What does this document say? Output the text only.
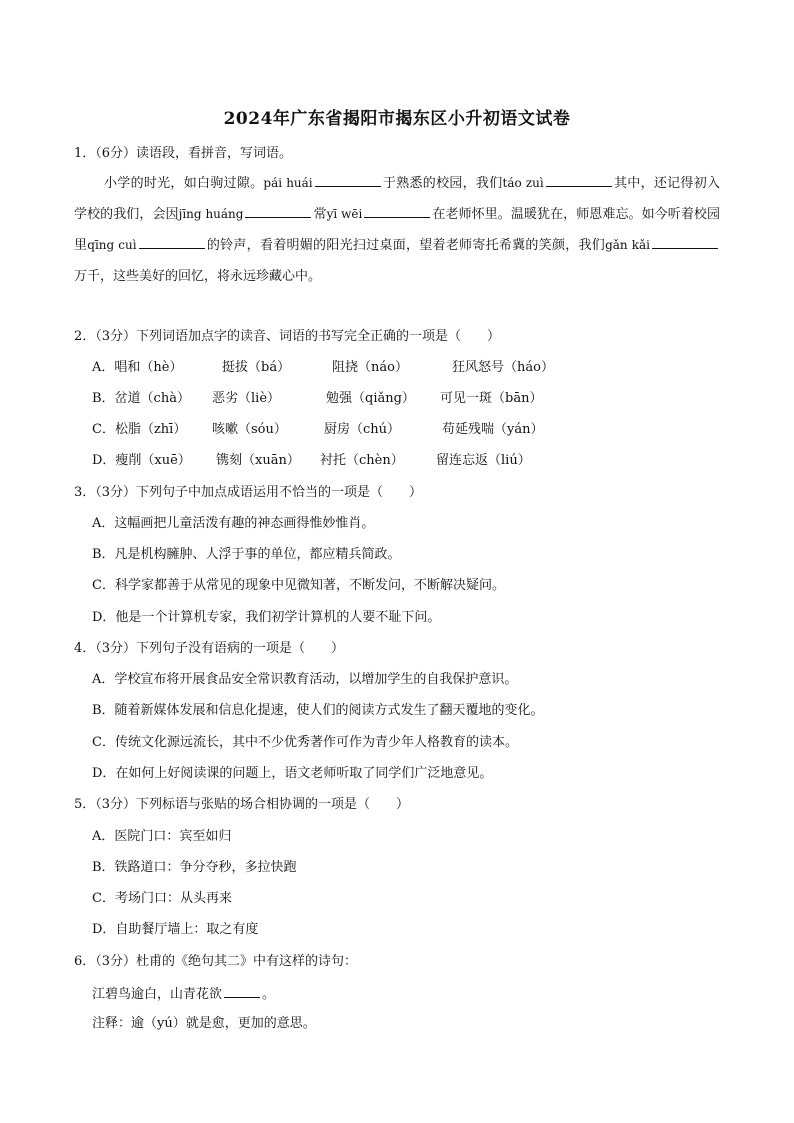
2024年广东省揭阳市揭东区小升初语文试卷
1．（6分）读语段，看拼音，写词语。
小学的时光，如白驹过隙。pái huái	于熟悉的校园，我们táo zuì	其中，还记得初入学校的我们，会因jīng huáng	常yī wēi	在老师怀里。温暖犹在，师恩难忘。如今听着校园里qīng cuì	的铃声，看着明媚的阳光扫过桌面，望着老师寄托希冀的笑颜，我们gǎn kǎi万千，这些美好的回忆，将永远珍藏心中。
2．（3分）下列词语加点字的读音、词语的书写完全正确的一项是（　　）
A．唱和（hè）	挺拔（bá）	阻挠（náo）	狂风怒号（háo）
B．岔道（chà） 恶劣（liè）	勉强（qiǎng） 可见一斑（bān）
C．松脂（zhī） 咳嗽（sóu）	厨房（chú）	苟延残喘（yán）
D．瘦削（xuē） 镌刻（xuān） 衬托（chèn） 留连忘返（liú）
3．（3分）下列句子中加点成语运用不恰当的一项是（　　）
A．这幅画把儿童活泼有趣的神态画得惟妙惟肖。
B．凡是机构臃肿、人浮于事的单位，都应精兵简政。
C．科学家都善于从常见的现象中见微知著，不断发问，不断解决疑问。
D．他是一个计算机专家，我们初学计算机的人要不耻下问。
4．（3分）下列句子没有语病的一项是（　　）
A．学校宣布将开展食品安全常识教育活动，以增加学生的自我保护意识。
B．随着新媒体发展和信息化提速，使人们的阅读方式发生了翻天覆地的变化。
C．传统文化源远流长，其中不少优秀著作可作为青少年人格教育的读本。
D．在如何上好阅读课的问题上，语文老师听取了同学们广泛地意见。
5．（3分）下列标语与张贴的场合相协调的一项是（　　）
A．医院门口：宾至如归
B．铁路道口：争分夺秒，多拉快跑
C．考场门口：从头再来
D．自助餐厅墙上：取之有度
6．（3分）杜甫的《绝句其二》中有这样的诗句：
江碧鸟逾白，山青花欲	。
注释：逾（yú）就是愈，更加的意思。
